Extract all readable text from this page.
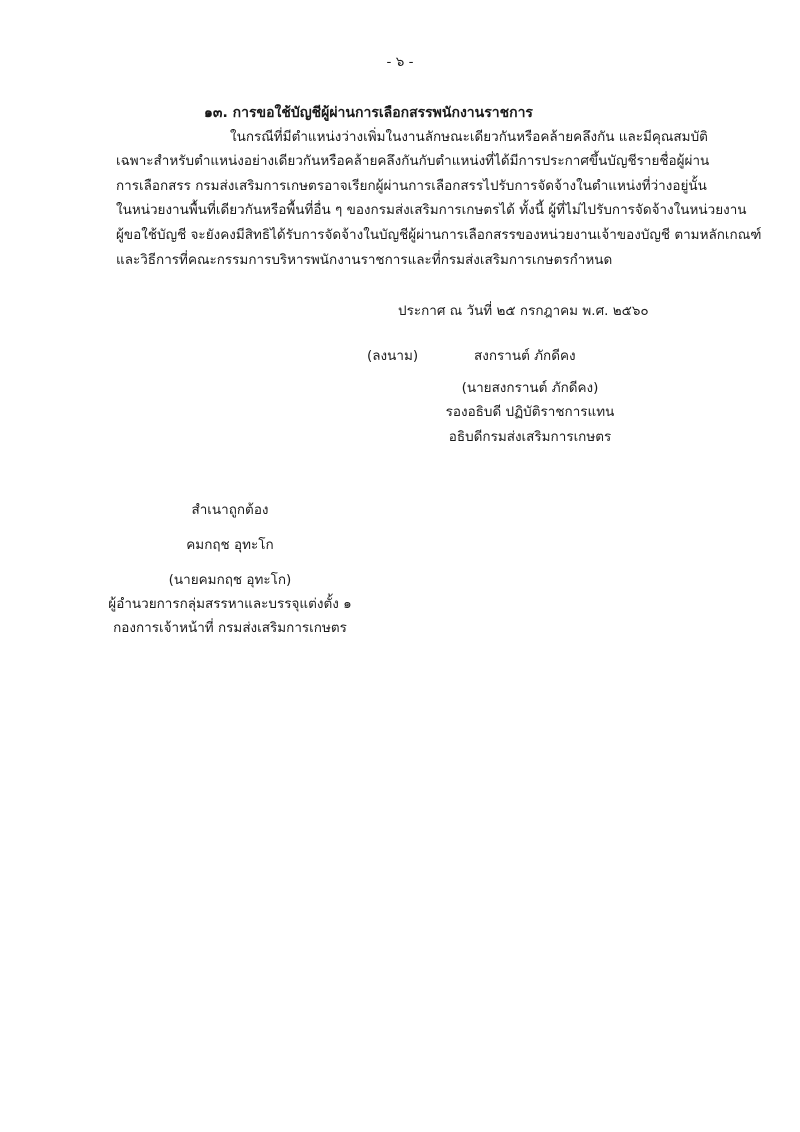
- ๖ -
๑๓. การขอใช้บัญชีผู้ผ่านการเลือกสรรพนักงานราชการ
ในกรณีที่มีตำแหน่งว่างเพิ่มในงานลักษณะเดียวกันหรือคล้ายคลึงกัน และมีคุณสมบัติ
เฉพาะสำหรับตำแหน่งอย่างเดียวกันหรือคล้ายคลึงกันกับตำแหน่งที่ได้มีการประกาศขึ้นบัญชีรายชื่อผู้ผ่าน
การเลือกสรร กรมส่งเสริมการเกษตรอาจเรียกผู้ผ่านการเลือกสรรไปรับการจัดจ้างในตำแหน่งที่ว่างอยู่นั้น
ในหน่วยงานพื้นที่เดียวกันหรือพื้นที่อื่น ๆ ของกรมส่งเสริมการเกษตรได้ ทั้งนี้ ผู้ที่ไม่ไปรับการจัดจ้างในหน่วยงาน
ผู้ขอใช้บัญชี จะยังคงมีสิทธิได้รับการจัดจ้างในบัญชีผู้ผ่านการเลือกสรรของหน่วยงานเจ้าของบัญชี ตามหลักเกณฑ์
และวิธีการที่คณะกรรมการบริหารพนักงานราชการและที่กรมส่งเสริมการเกษตรกำหนด
ประกาศ ณ วันที่ ๒๕ กรกฎาคม พ.ศ. ๒๕๖๐
(ลงนาม)	สงกรานต์ ภักดีคง
(นายสงกรานต์ ภักดีคง)
รองอธิบดี ปฏิบัติราชการแทน
อธิบดีกรมส่งเสริมการเกษตร
สำเนาถูกต้อง
คมกฤช อุทะโก
(นายคมกฤช อุทะโก)
ผู้อำนวยการกลุ่มสรรหาและบรรจุแต่งตั้ง ๑
กองการเจ้าหน้าที่ กรมส่งเสริมการเกษตร
